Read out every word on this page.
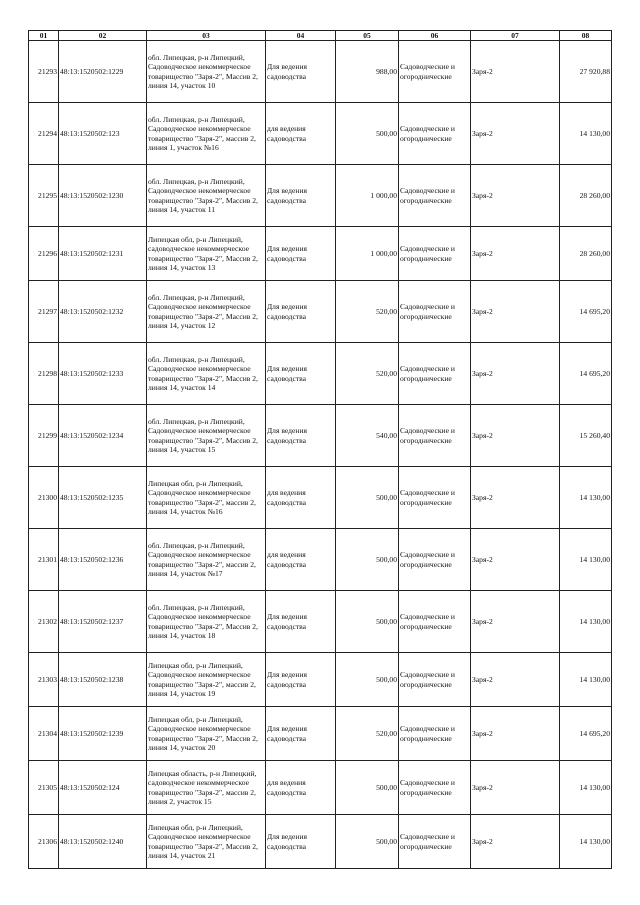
01	02	03	04	05	06	07	08
21293	48:13:1520502:1229	обл. Липецкая, р-н Липецкий, Садоводческое некоммерческое товарищество "Заря-2", Массив 2, линия 14, участок 10	Для ведения садоводства	988,00	Садоводческие и огороднические	Заря-2	27 920,88
21294	48:13:1520502:123	обл. Липецкая, р-н Липецкий, Садоводческое некоммерческое товарищество "Заря-2", массив 2, линия 1, участок №16	для ведения садоводства	500,00	Садоводческие и огороднические	Заря-2	14 130,00
21295	48:13:1520502:1230	обл. Липецкая, р-н Липецкий, Садоводческое некоммерческое товарищество "Заря-2", Массив 2, линия 14, участок 11	Для ведения садоводства	1 000,00	Садоводческие и огороднические	Заря-2	28 260,00
21296	48:13:1520502:1231	Липецкая обл, р-н Липецкий, садоводческое некоммерческое товарищество "Заря-2", Массив 2, линия 14, участок 13	Для ведения садоводства	1 000,00	Садоводческие и огороднические	Заря-2	28 260,00
21297	48:13:1520502:1232	обл. Липецкая, р-н Липецкий, Садоводческое некоммерческое товарищество "Заря-2", Массив 2, линия 14, участок 12	Для ведения садоводства	520,00	Садоводческие и огороднические	Заря-2	14 695,20
21298	48:13:1520502:1233	обл. Липецкая, р-н Липецкий, Садоводческое некоммерческое товарищество "Заря-2", Массив 2, линия 14, участок 14	Для ведения садоводства	520,00	Садоводческие и огороднические	Заря-2	14 695,20
21299	48:13:1520502:1234	обл. Липецкая, р-н Липецкий, Садоводческое некоммерческое товарищество "Заря-2", Массив 2, линия 14, участок 15	Для ведения садоводства	540,00	Садоводческие и огороднические	Заря-2	15 260,40
21300	48:13:1520502:1235	Липецкая обл, р-н Липецкий, Садоводческое некоммерческое товарищество "Заря-2", массив 2, линия 14, участок №16	для ведения садоводства	500,00	Садоводческие и огороднические	Заря-2	14 130,00
21301	48:13:1520502:1236	обл. Липецкая, р-н Липецкий, Садоводческое некоммерческое товарищество "Заря-2", массив 2, линия 14, участок №17	для ведения садоводства	500,00	Садоводческие и огороднические	Заря-2	14 130,00
21302	48:13:1520502:1237	обл. Липецкая, р-н Липецкий, Садоводческое некоммерческое товарищество "Заря-2", Массив 2, линия 14, участок 18	Для ведения садоводства	500,00	Садоводческие и огороднические	Заря-2	14 130,00
21303	48:13:1520502:1238	Липецкая обл, р-н Липецкий, Садоводческое некоммерческое товарищество "Заря-2", массив 2, линия 14, участок 19	Для ведения садоводства	500,00	Садоводческие и огороднические	Заря-2	14 130,00
21304	48:13:1520502:1239	Липецкая обл, р-н Липецкий, Садоводческое некоммерческое товарищество "Заря-2", Массив 2, линия 14, участок 20	Для ведения садоводства	520,00	Садоводческие и огороднические	Заря-2	14 695,20
21305	48:13:1520502:124	Липецкая область, р-н Липецкий, садоводческое некоммерческое товарищество "Заря-2", массив 2, линия 2, участок 15	для ведения садоводства	500,00	Садоводческие и огороднические	Заря-2	14 130,00
21306	48:13:1520502:1240	Липецкая обл, р-н Липецкий, Садоводческое некоммерческое товарищество "Заря-2", Массив 2, линия 14, участок 21	Для ведения садоводства	500,00	Садоводческие и огороднические	Заря-2	14 130,00
